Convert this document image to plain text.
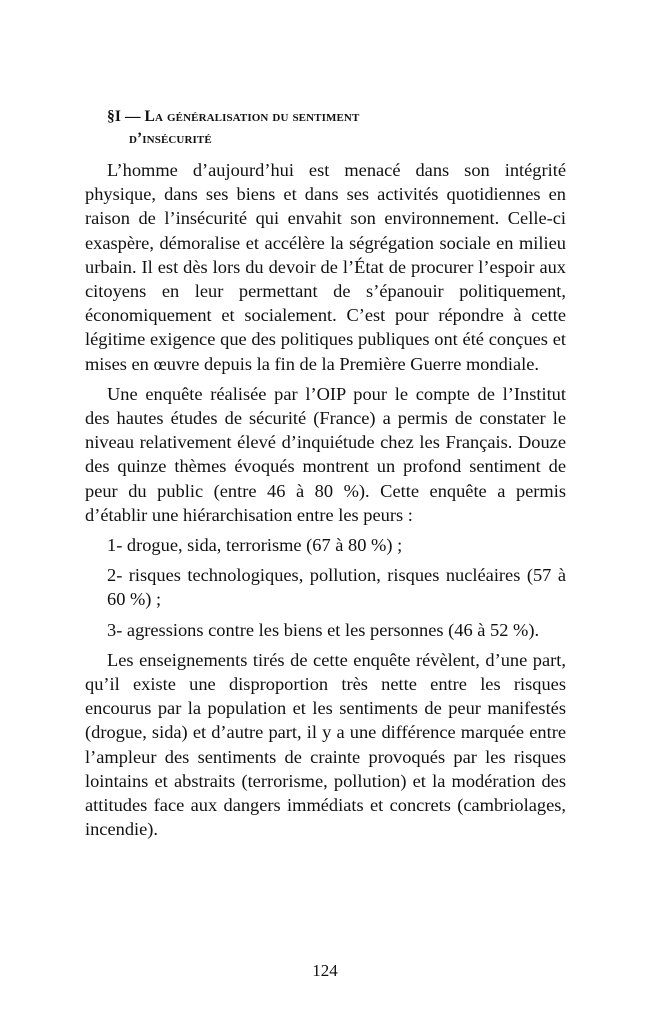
§I — La généralisation du sentiment
d’insécurité

L’homme d’aujourd’hui est menacé dans son intégrité physique, dans ses biens et dans ses activités quotidiennes en raison de l’insécurité qui envahit son environnement. Celle-ci exaspère, démoralise et accélère la ségrégation sociale en milieu urbain. Il est dès lors du devoir de l’État de procurer l’espoir aux citoyens en leur permettant de s’épanouir politiquement, économiquement et socialement. C’est pour répondre à cette légitime exigence que des politiques publiques ont été conçues et mises en œuvre depuis la fin de la Première Guerre mondiale.

Une enquête réalisée par l’OIP pour le compte de l’Institut des hautes études de sécurité (France) a permis de constater le niveau relativement élevé d’inquiétude chez les Français. Douze des quinze thèmes évoqués montrent un profond sentiment de peur du public (entre 46 à 80 %). Cette enquête a permis d’établir une hiérarchisation entre les peurs :

1- drogue, sida, terrorisme (67 à 80 %) ;

2- risques technologiques, pollution, risques nucléaires (57 à 60 %) ;

3- agressions contre les biens et les personnes (46 à 52 %).

Les enseignements tirés de cette enquête révèlent, d’une part, qu’il existe une disproportion très nette entre les risques encourus par la population et les sentiments de peur manifestés (drogue, sida) et d’autre part, il y a une différence marquée entre l’ampleur des sentiments de crainte provoqués par les risques lointains et abstraits (terrorisme, pollution) et la modération des attitudes face aux dangers immédiats et concrets (cambriolages, incendie).

124
